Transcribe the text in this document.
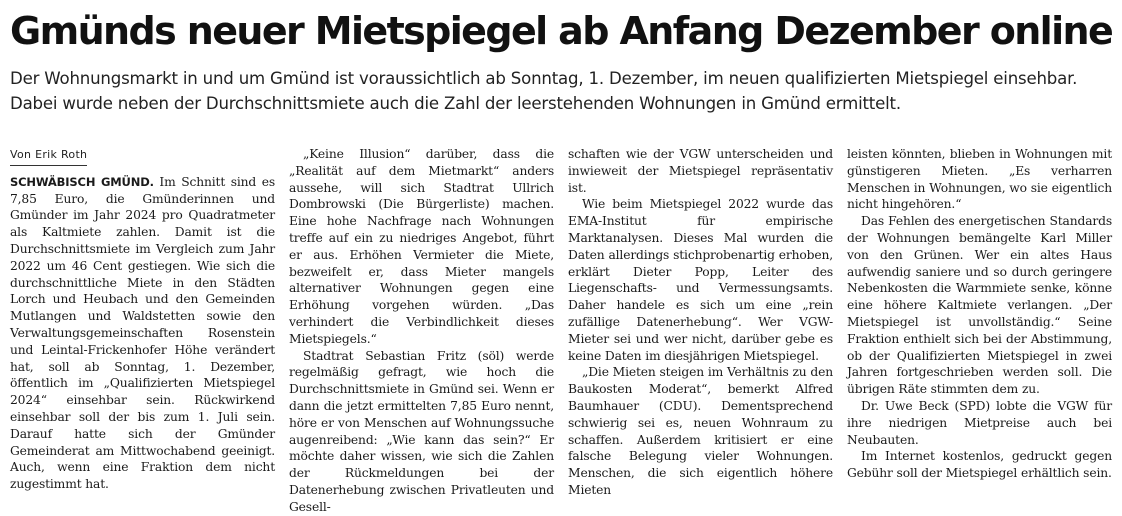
Gmünds neuer Mietspiegel ab Anfang Dezember online

Der Wohnungsmarkt in und um Gmünd ist voraussichtlich ab Sonntag, 1. Dezember, im neuen qualifizierten Mietspiegel einsehbar. Dabei wurde neben der Durchschnittsmiete auch die Zahl der leerstehenden Wohnungen in Gmünd ermittelt.

Von Erik Roth

SCHWÄBISCH GMÜND. Im Schnitt sind es 7,85 Euro, die Gmünderinnen und Gmünder im Jahr 2024 pro Quadratmeter als Kaltmiete zahlen. Damit ist die Durchschnittsmiete im Vergleich zum Jahr 2022 um 46 Cent gestiegen. Wie sich die durchschnittliche Miete in den Städten Lorch und Heubach und den Gemeinden Mutlangen und Waldstetten sowie den Verwaltungsgemeinschaften Rosenstein und Leintal-Frickenhofer Höhe verändert hat, soll ab Sonntag, 1. Dezember, öffentlich im „Qualifizierten Mietspiegel 2024“ einsehbar sein. Rückwirkend einsehbar soll der bis zum 1. Juli sein. Darauf hatte sich der Gmünder Gemeinderat am Mittwochabend geeinigt. Auch, wenn eine Fraktion dem nicht zugestimmt hat.

„Keine Illusion“ darüber, dass die „Realität auf dem Mietmarkt“ anders aussehe, will sich Stadtrat Ullrich Dombrowski (Die Bürgerliste) machen. Eine hohe Nachfrage nach Wohnungen treffe auf ein zu niedriges Angebot, führt er aus. Erhöhen Vermieter die Miete, bezweifelt er, dass Mieter mangels alternativer Wohnungen gegen eine Erhöhung vorgehen würden. „Das verhindert die Verbindlichkeit dieses Mietspiegels.“

Stadtrat Sebastian Fritz (söl) werde regelmäßig gefragt, wie hoch die Durchschnittsmiete in Gmünd sei. Wenn er dann die jetzt ermittelten 7,85 Euro nennt, höre er von Menschen auf Wohnungssuche augenreibend: „Wie kann das sein?“ Er möchte daher wissen, wie sich die Zahlen der Rückmeldungen bei der Datenerhebung zwischen Privatleuten und Gesell-

schaften wie der VGW unterscheiden und inwieweit der Mietspiegel repräsentativ ist.

Wie beim Mietspiegel 2022 wurde das EMA-Institut für empirische Marktanalysen. Dieses Mal wurden die Daten allerdings stichprobenartig erhoben, erklärt Dieter Popp, Leiter des Liegenschafts- und Vermessungsamts. Daher handele es sich um eine „rein zufällige Datenerhebung“. Wer VGW-Mieter sei und wer nicht, darüber gebe es keine Daten im diesjährigen Mietspiegel.

„Die Mieten steigen im Verhältnis zu den Baukosten Moderat“, bemerkt Alfred Baumhauer (CDU). Dementsprechend schwierig sei es, neuen Wohnraum zu schaffen. Außerdem kritisiert er eine falsche Belegung vieler Wohnungen. Menschen, die sich eigentlich höhere Mieten

leisten könnten, blieben in Wohnungen mit günstigeren Mieten. „Es verharren Menschen in Wohnungen, wo sie eigentlich nicht hingehören.“

Das Fehlen des energetischen Standards der Wohnungen bemängelte Karl Miller von den Grünen. Wer ein altes Haus aufwendig saniere und so durch geringere Nebenkosten die Warmmiete senke, könne eine höhere Kaltmiete verlangen. „Der Mietspiegel ist unvollständig.“ Seine Fraktion enthielt sich bei der Abstimmung, ob der Qualifizierten Mietspiegel in zwei Jahren fortgeschrieben werden soll. Die übrigen Räte stimmten dem zu.

Dr. Uwe Beck (SPD) lobte die VGW für ihre niedrigen Mietpreise auch bei Neubauten.

Im Internet kostenlos, gedruckt gegen Gebühr soll der Mietspiegel erhältlich sein.
